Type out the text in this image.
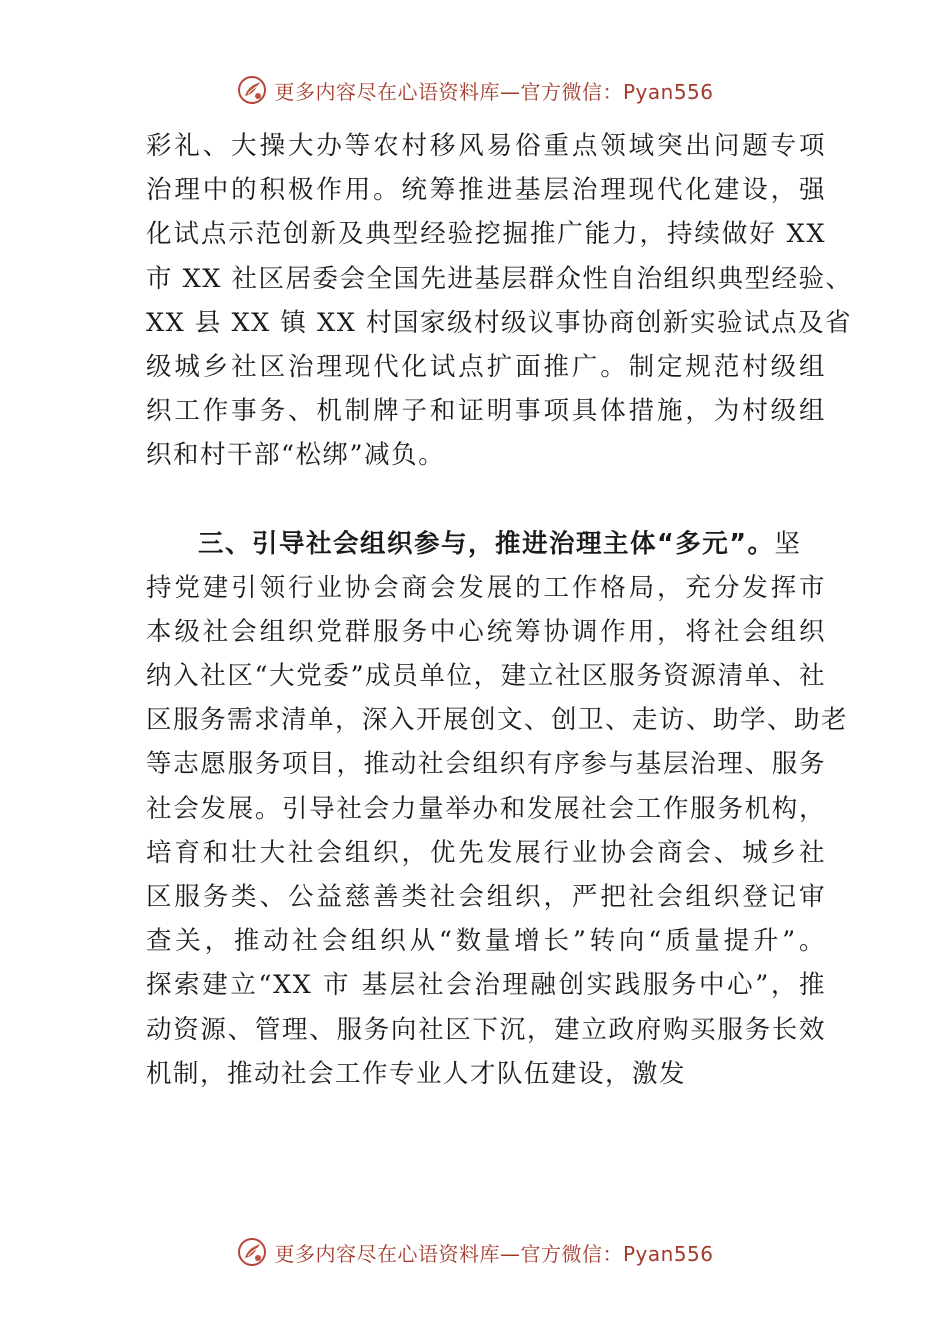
更多内容尽在心语资料库—官方微信：Pyan556
彩礼、大操大办等农村移风易俗重点领域突出问题专项
治理中的积极作用。统筹推进基层治理现代化建设，强
化试点示范创新及典型经验挖掘推广能力，持续做好 XX
市 XX 社区居委会全国先进基层群众性自治组织典型经验、
XX 县 XX 镇 XX 村国家级村级议事协商创新实验试点及省
级城乡社区治理现代化试点扩面推广。制定规范村级组
织工作事务、机制牌子和证明事项具体措施，为村级组
织和村干部“松绑”减负。
三、引导社会组织参与，推进治理主体“多元”。坚
持党建引领行业协会商会发展的工作格局，充分发挥市
本级社会组织党群服务中心统筹协调作用，将社会组织
纳入社区“大党委”成员单位，建立社区服务资源清单、社
区服务需求清单，深入开展创文、创卫、走访、助学、助老
等志愿服务项目，推动社会组织有序参与基层治理、服务
社会发展。引导社会力量举办和发展社会工作服务机构，
培育和壮大社会组织，优先发展行业协会商会、城乡社
区服务类、公益慈善类社会组织，严把社会组织登记审
查关，推动社会组织从“数量增长”转向“质量提升”。
探索建立“XX 市 基层社会治理融创实践服务中心”，推
动资源、管理、服务向社区下沉，建立政府购买服务长效
机制，推动社会工作专业人才队伍建设，激发
更多内容尽在心语资料库—官方微信：Pyan556
